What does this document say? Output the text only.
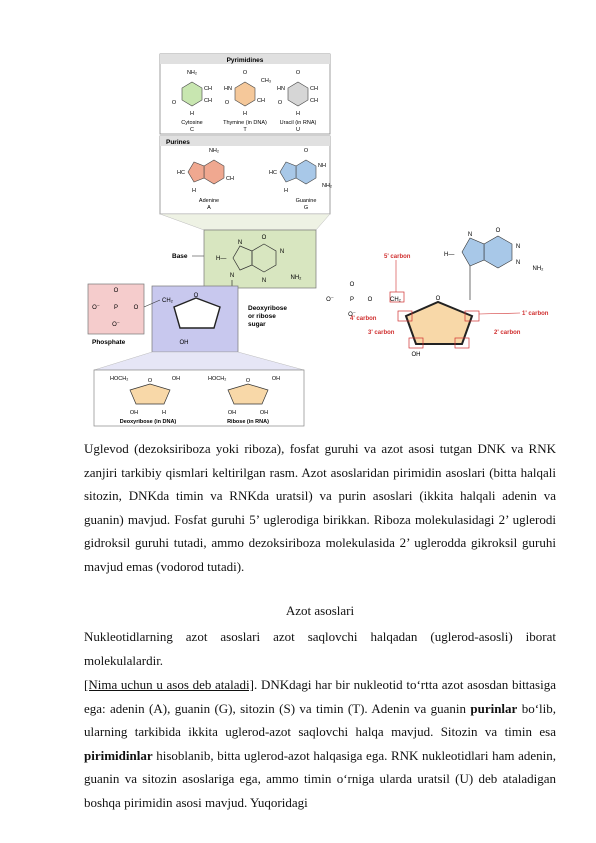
Pyrimidines
NH₂
CH
CH
O
H
Cytosine
C
O
CH₃
HN
CH
O
H
Thymine (in DNA)
T
O
HN	CH
CH
O
H
Uracil (in RNA)
U
Purines
NH₂
HC
CH
H
Adenine
A
O
NH
HC
NH₂
H
Guanine
G
Base
O
N
N
H—
N
N	NH₂
O
O⁻ P	O
O⁻
Phosphate
CH₂
O
OH
Deoxyribose
or ribose
sugar
HOCH₂	O	OH
OH	H
Deoxyribose (in DNA)
HOCH₂	O	OH
OH	OH
Ribose (in RNA)
O
N
N
H—
N
NH₂
5' carbon
O
O⁻	P O
O⁻
CH₂	O
OH
4' carbon
3' carbon
1' carbon
2' carbon

Uglevod (dezoksiriboza yoki riboza), fosfat guruhi va azot asosi tutgan DNK va RNK zanjiri tarkibiy qismlari keltirilgan rasm. Azot asoslaridan pirimidin asoslari (bitta halqali sitozin, DNKda timin va RNKda uratsil) va purin asoslari (ikkita halqali adenin va guanin) mavjud. Fosfat guruhi 5’ uglerodiga birikkan. Riboza molekulasidagi 2’ uglerodi gidroksil guruhi tutadi, ammo dezoksiriboza molekulasida 2’ uglerodda gikroksil guruhi mavjud emas (vodorod tutadi).

Azot asoslari

Nukleotidlarning azot asoslari azot saqlovchi halqadan (uglerod-asosli) iborat molekulalardir.

[Nima uchun u asos deb ataladi]. DNKdagi har bir nukleotid to‘rtta azot asosdan bittasiga ega: adenin (A), guanin (G), sitozin (S) va timin (T). Adenin va guanin purinlar bo‘lib, ularning tarkibida ikkita uglerod-azot saqlovchi halqa mavjud. Sitozin va timin esa pirimidinlar hisoblanib, bitta uglerod-azot halqasiga ega. RNK nukleotidlari ham adenin, guanin va sitozin asoslariga ega, ammo timin o‘rniga ularda uratsil (U) deb ataladigan boshqa pirimidin asosi mavjud. Yuqoridagi
